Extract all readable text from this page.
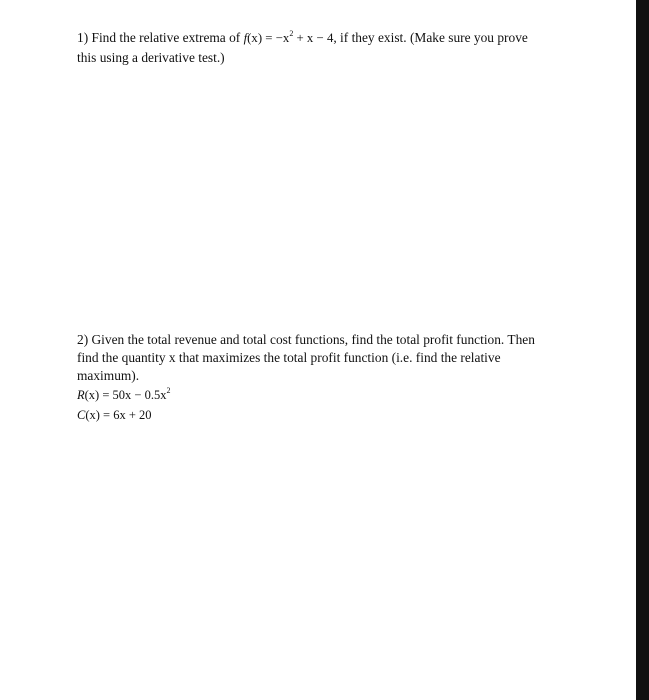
1) Find the relative extrema of $f(x) = -x^2 + x - 4$, if they exist. (Make sure you prove
this using a derivative test.)
2) Given the total revenue and total cost functions, find the total profit function. Then
find the quantity x that maximizes the total profit function (i.e. find the relative
maximum).
$R(x) = 50x - 0.5x^2$
C(x) = 6x + 20
